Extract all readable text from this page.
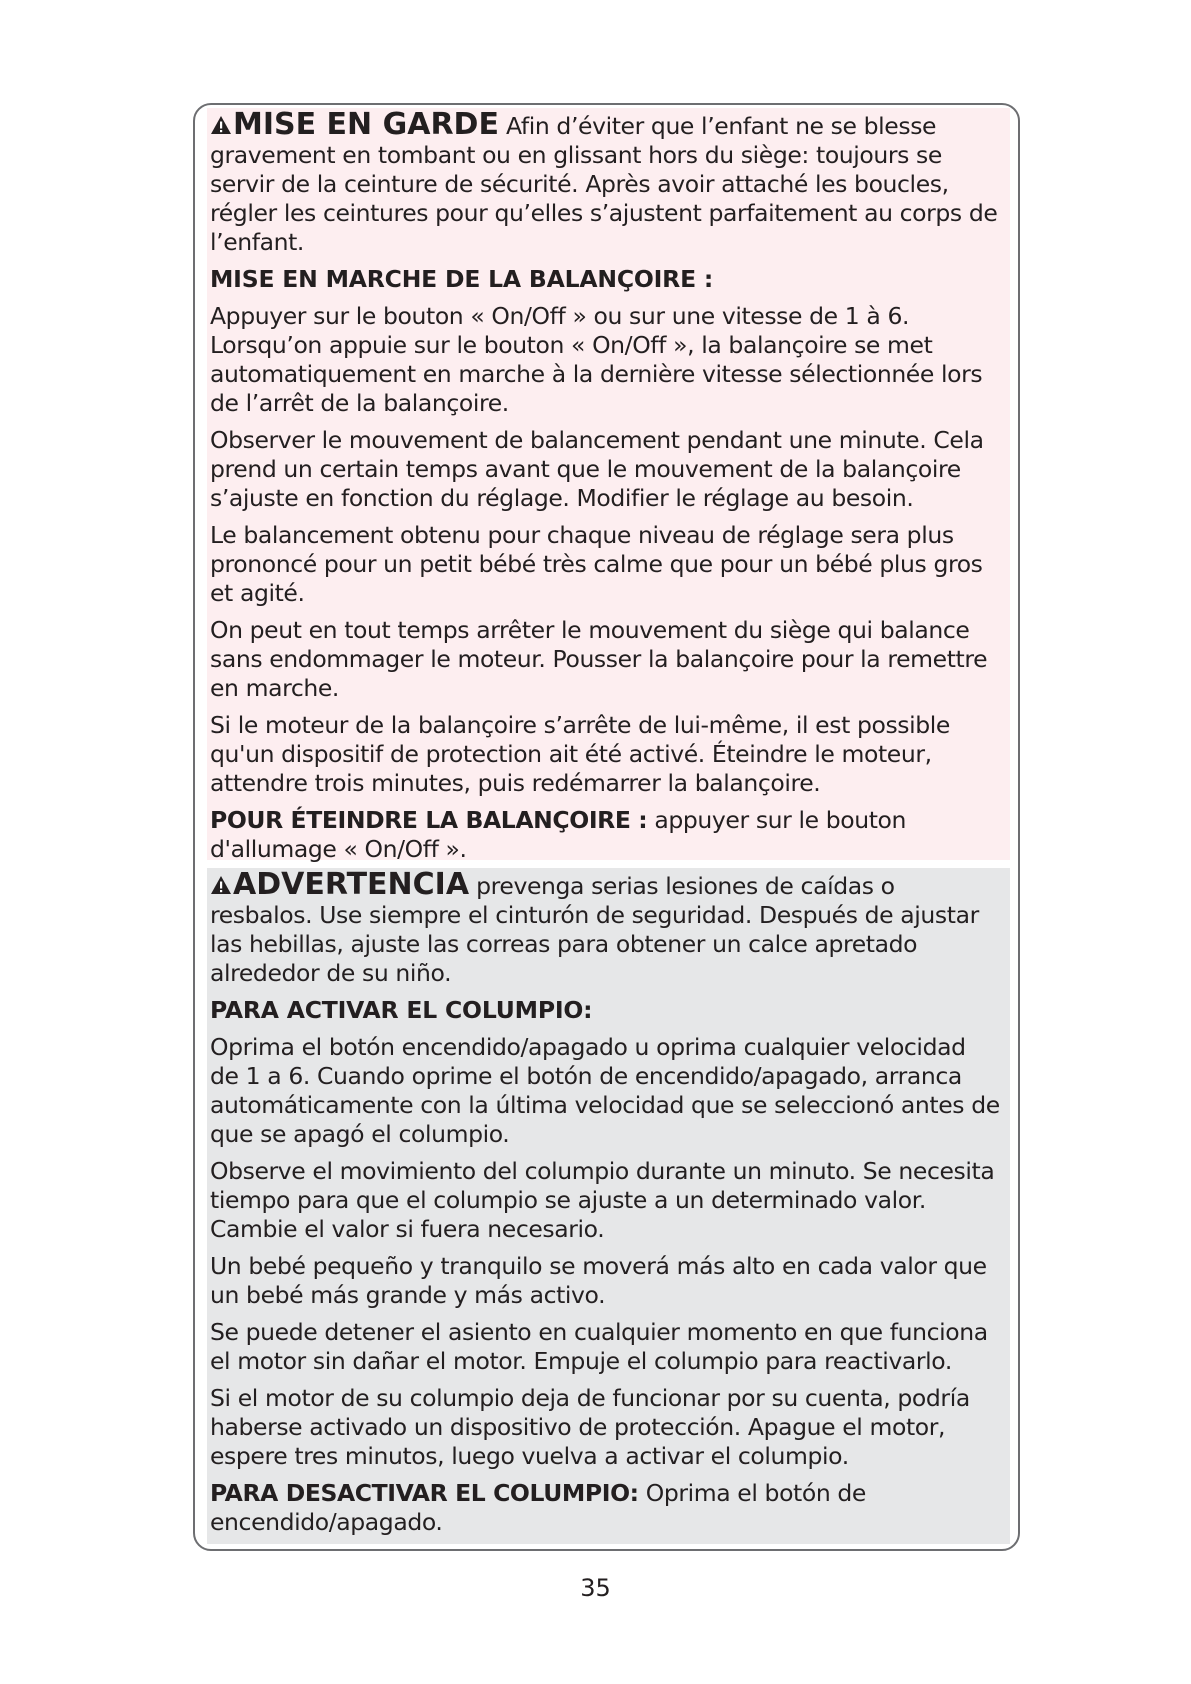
MISE EN GARDE Afin d’éviter que l’enfant ne se blesse gravement en tombant ou en glissant hors du siège: toujours se servir de la ceinture de sécurité. Après avoir attaché les boucles, régler les ceintures pour qu’elles s’ajustent parfaitement au corps de l’enfant.

MISE EN MARCHE DE LA BALANÇOIRE :

Appuyer sur le bouton « On/Off » ou sur une vitesse de 1 à 6. Lorsqu’on appuie sur le bouton « On/Off », la balançoire se met automatiquement en marche à la dernière vitesse sélectionnée lors de l’arrêt de la balançoire.

Observer le mouvement de balancement pendant une minute. Cela prend un certain temps avant que le mouvement de la balançoire s’ajuste en fonction du réglage. Modifier le réglage au besoin.

Le balancement obtenu pour chaque niveau de réglage sera plus prononcé pour un petit bébé très calme que pour un bébé plus gros et agité.

On peut en tout temps arrêter le mouvement du siège qui balance sans endommager le moteur. Pousser la balançoire pour la remettre en marche.

Si le moteur de la balançoire s’arrête de lui-même, il est possible qu'un dispositif de protection ait été activé. Éteindre le moteur, attendre trois minutes, puis redémarrer la balançoire.

POUR ÉTEINDRE LA BALANÇOIRE : appuyer sur le bouton d'allumage « On/Off ».

ADVERTENCIA prevenga serias lesiones de caídas o resbalos. Use siempre el cinturón de seguridad. Después de ajustar las hebillas, ajuste las correas para obtener un calce apretado alrededor de su niño.

PARA ACTIVAR EL COLUMPIO:

Oprima el botón encendido/apagado u oprima cualquier velocidad de 1 a 6. Cuando oprime el botón de encendido/apagado, arranca automáticamente con la última velocidad que se seleccionó antes de que se apagó el columpio.

Observe el movimiento del columpio durante un minuto. Se necesita tiempo para que el columpio se ajuste a un determinado valor. Cambie el valor si fuera necesario.

Un bebé pequeño y tranquilo se moverá más alto en cada valor que un bebé más grande y más activo.

Se puede detener el asiento en cualquier momento en que funciona el motor sin dañar el motor. Empuje el columpio para reactivarlo.

Si el motor de su columpio deja de funcionar por su cuenta, podría haberse activado un dispositivo de protección. Apague el motor, espere tres minutos, luego vuelva a activar el columpio.

PARA DESACTIVAR EL COLUMPIO: Oprima el botón de encendido/apagado.

35
